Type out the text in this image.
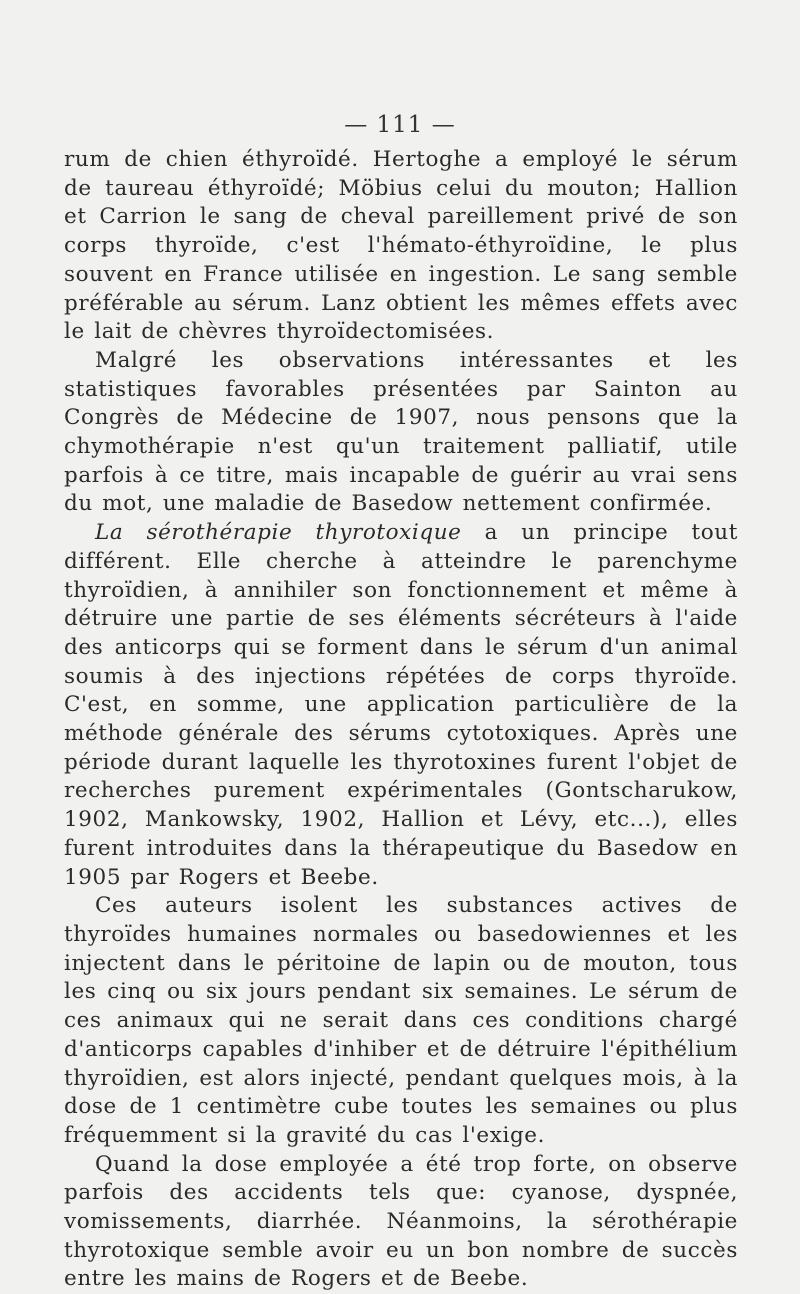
— 111 —

rum de chien éthyroïdé. Hertoghe a employé le sérum de taureau éthyroïdé; Möbius celui du mouton; Hallion et Carrion le sang de cheval pareillement privé de son corps thyroïde, c'est l'hémato-éthyroïdine, le plus souvent en France utilisée en ingestion. Le sang semble préférable au sérum. Lanz obtient les mêmes effets avec le lait de chèvres thyroïdectomisées.

Malgré les observations intéressantes et les statistiques favorables présentées par Sainton au Congrès de Médecine de 1907, nous pensons que la chymothérapie n'est qu'un traitement palliatif, utile parfois à ce titre, mais incapable de guérir au vrai sens du mot, une maladie de Basedow nettement confirmée.

La sérothérapie thyrotoxique a un principe tout différent. Elle cherche à atteindre le parenchyme thyroïdien, à annihiler son fonctionnement et même à détruire une partie de ses éléments sécréteurs à l'aide des anticorps qui se forment dans le sérum d'un animal soumis à des injections répétées de corps thyroïde. C'est, en somme, une application particulière de la méthode générale des sérums cytotoxiques. Après une période durant laquelle les thyrotoxines furent l'objet de recherches purement expérimentales (Gontscharukow, 1902, Mankowsky, 1902, Hallion et Lévy, etc...), elles furent introduites dans la thérapeutique du Basedow en 1905 par Rogers et Beebe.

Ces auteurs isolent les substances actives de thyroïdes humaines normales ou basedowiennes et les injectent dans le péritoine de lapin ou de mouton, tous les cinq ou six jours pendant six semaines. Le sérum de ces animaux qui ne serait dans ces conditions chargé d'anticorps capables d'inhiber et de détruire l'épithélium thyroïdien, est alors injecté, pendant quelques mois, à la dose de 1 centimètre cube toutes les semaines ou plus fréquemment si la gravité du cas l'exige.

Quand la dose employée a été trop forte, on observe parfois des accidents tels que: cyanose, dyspnée, vomissements, diarrhée. Néanmoins, la sérothérapie thyrotoxique semble avoir eu un bon nombre de succès entre les mains de Rogers et de Beebe.
